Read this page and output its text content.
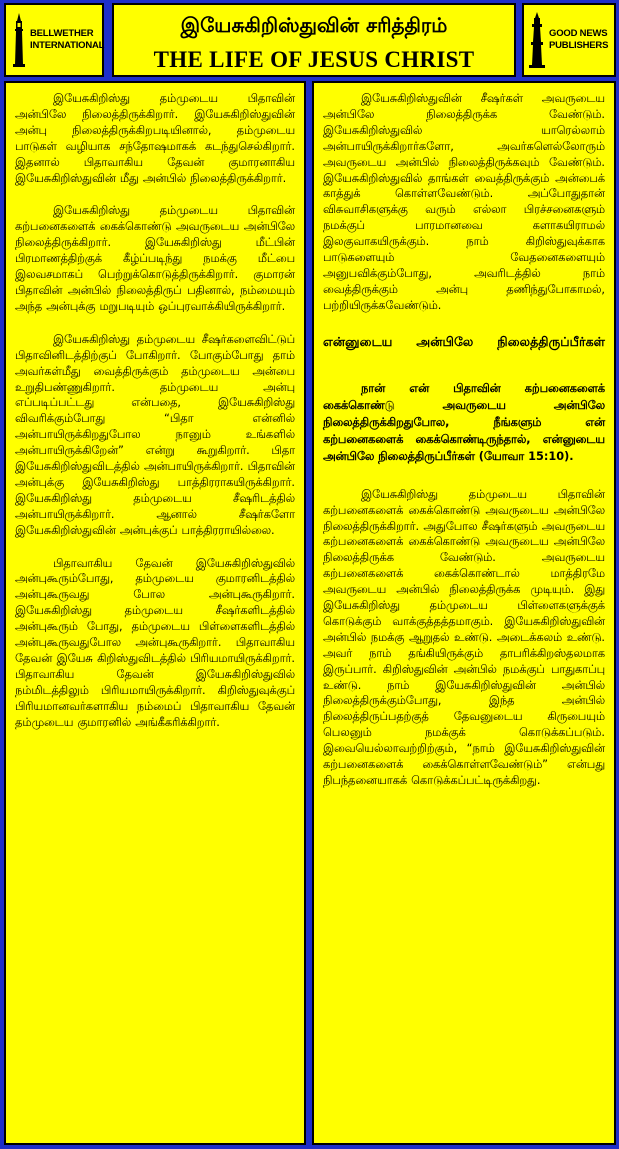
BELLWETHER
INTERNATIONAL
இயேசுகிறிஸ்துவின் சரித்திரம்
THE LIFE OF JESUS CHRIST
GOOD NEWS
PUBLISHERS

இயேசுகிறிஸ்து தம்முடைய பிதாவின் அன்பிலே நிலைத்திருக்கிறார். இயேசுகிறிஸ்துவின் அன்பு நிலைத்திருக்கிறபடியினால், தம்முடைய பாடுகள் வழியாக சந்தோஷமாகக் கடந்துசெல்கிறார். இதனால் பிதாவாகிய தேவன் குமாரனாகிய இயேசுகிறிஸ்துவின் மீது அன்பில் நிலைத்திருக்கிறார்.

இயேசுகிறிஸ்து தம்முடைய பிதாவின் கற்பனைகளைக் கைக்கொண்டு அவருடைய அன்பிலே நிலைத்திருக்கிறார். இயேசுகிறிஸ்து மீட்பின் பிரமாணத்திற்குக் கீழ்ப்படிந்து நமக்கு மீட்பை இலவசமாகப் பெற்றுக்கொடுத்திருக்கிறார். குமாரன் பிதாவின் அன்பில் நிலைத்திருப் பதினால், நம்மையும் அந்த அன்புக்கு மறுபடியும் ஒப்புரவாக்கியிருக்கிறார்.

இயேசுகிறிஸ்து தம்முடைய சீஷர்களைவிட்டுப் பிதாவினிடத்திற்குப் போகிறார். போகும்போது தாம் அவர்கள்மீது வைத்திருக்கும் தம்முடைய அன்பை உறுதிபண்ணுகிறார். தம்முடைய அன்பு எப்படிப்பட்டது என்பதை, இயேசுகிறிஸ்து விவரிக்கும்போது “பிதா என்னில் அன்பாயிருக்கிறதுபோல நானும் உங்களில் அன்பாயிருக்கிறேன்” என்று கூறுகிறார். பிதா இயேசுகிறிஸ்துவிடத்தில் அன்பாயிருக்கிறார். பிதாவின் அன்புக்கு இயேசுகிறிஸ்து பாத்திரராகயிருக்கிறார். இயேசுகிறிஸ்து தம்முடைய சீஷரிடத்தில் அன்பாயிருக்கிறார். ஆனால் சீஷர்களோ இயேசுகிறிஸ்துவின் அன்புக்குப் பாத்திரராயில்லை.

பிதாவாகிய தேவன் இயேசுகிறிஸ்துவில் அன்புகூரும்போது, தம்முடைய குமாரனிடத்தில் அன்புகூருவது போல அன்புகூருகிறார். இயேசுகிறிஸ்து தம்முடைய சீஷர்களிடத்தில் அன்புகூரும் போது, தம்முடைய பிள்ளைகளிடத்தில் அன்புகூருவதுபோல அன்புகூருகிறார். பிதாவாகிய தேவன் இயேசு கிறிஸ்துவிடத்தில் பிரியமாயிருக்கிறார். பிதாவாகிய தேவன் இயேசுகிறிஸ்துவில் நம்மிடத்திலும் பிரியமாயிருக்கிறார். கிறிஸ்துவுக்குப் பிரியமானவர்களாகிய நம்மைப் பிதாவாகிய தேவன் தம்முடைய குமாரனில் அங்கீகரிக்கிறார்.

இயேசுகிறிஸ்துவின் சீஷர்கள் அவருடைய அன்பிலே நிலைத்திருக்க வேண்டும். இயேசுகிறிஸ்துவில் யாரெல்லாம் அன்பாயிருக்கிறார்களோ, அவர்களெல்லோரும் அவருடைய அன்பில் நிலைத்திருக்கவும் வேண்டும். இயேசுகிறிஸ்துவில் தாங்கள் வைத்திருக்கும் அன்பைக் காத்துக் கொள்ளவேண்டும். அப்போதுதான் விசுவாசிகளுக்கு வரும் எல்லா பிரச்சனைகளும் நமக்குப் பாரமானவை களாகயிராமல் இலகுவாகயிருக்கும். நாம் கிறிஸ்துவுக்காக பாடுகளையும் வேதனைகளையும் அனுபவிக்கும்போது, அவரிடத்தில் நாம் வைத்திருக்கும் அன்பு தணிந்துபோகாமல், பற்றியிருக்கவேண்டும்.

என்னுடைய அன்பிலே நிலைத்திருப்பீர்கள்

நான் என் பிதாவின் கற்பனைகளைக் கைக்கொண்டு அவருடைய அன்பிலே நிலைத்திருக்கிறதுபோல, நீங்களும் என் கற்பனைகளைக் கைக்கொண்டிருந்தால், என்னுடைய அன்பிலே நிலைத்திருப்பீர்கள் (யோவா 15:10).

இயேசுகிறிஸ்து தம்முடைய பிதாவின் கற்பனைகளைக் கைக்கொண்டு அவருடைய அன்பிலே நிலைத்திருக்கிறார். அதுபோல சீஷர்களும் அவருடைய கற்பனைகளைக் கைக்கொண்டு அவருடைய அன்பிலே நிலைத்திருக்க வேண்டும். அவருடைய கற்பனைகளைக் கைக்கொண்டால் மாத்திரமே அவருடைய அன்பில் நிலைத்திருக்க முடியும். இது இயேசுகிறிஸ்து தம்முடைய பிள்ளைகளுக்குக் கொடுக்கும் வாக்குத்தத்தமாகும். இயேசுகிறிஸ்துவின் அன்பில் நமக்கு ஆறுதல் உண்டு. அடைக்கலம் உண்டு. அவர் நாம் தங்கியிருக்கும் தாபரிக்கிறஸ்தலமாக இருப்பார். கிறிஸ்துவின் அன்பில் நமக்குப் பாதுகாப்பு உண்டு. நாம் இயேசுகிறிஸ்துவின் அன்பில் நிலைத்திருக்கும்போது, இந்த அன்பில் நிலைத்திருப்பதற்குத் தேவனுடைய கிருபையும் பெலனும் நமக்குக் கொடுக்கப்படும். இவையெல்லாவற்றிற்கும், “நாம் இயேசுகிறிஸ்துவின் கற்பனைகளைக் கைக்கொள்ளவேண்டும்” என்பது நிபந்தனையாகக் கொடுக்கப்பட்டிருக்கிறது.
